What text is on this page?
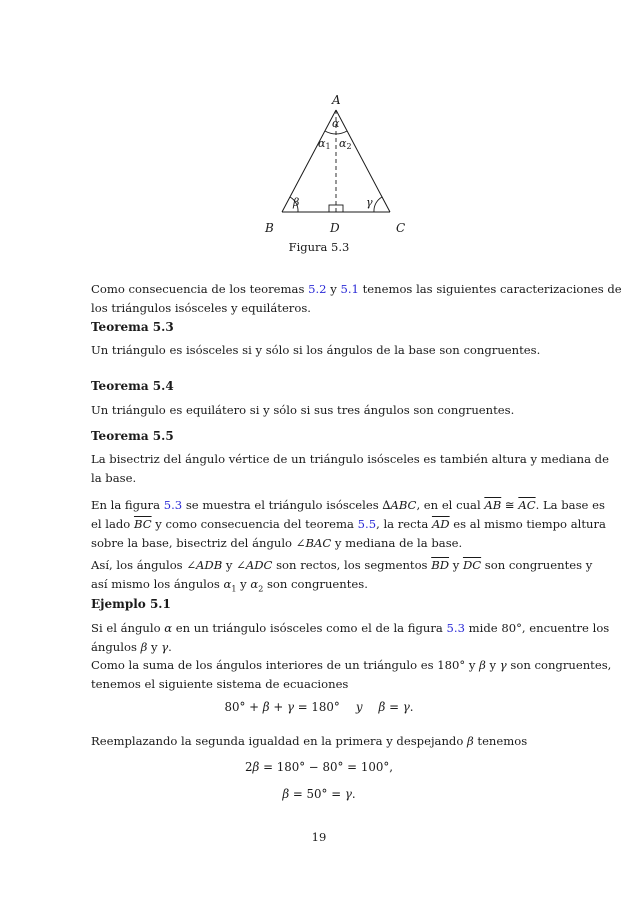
A
B	C
D
α
α1 α2
β	γ
Figura 5.3
Como consecuencia de los teoremas 5.2 y 5.1 tenemos las siguientes caracterizaciones de
los triángulos isósceles y equiláteros.
Teorema 5.3
Un triángulo es isósceles si y sólo si los ángulos de la base son congruentes.
Teorema 5.4
Un triángulo es equilátero si y sólo si sus tres ángulos son congruentes.
Teorema 5.5
La bisectriz del ángulo vértice de un triángulo isósceles es también altura y mediana de
la base.
En la figura 5.3 se muestra el triángulo isósceles ∆ABC, en el cual $\overline{AB}$ ≅ $\overline{AC}$. La base es
el lado $\overline{BC}$ y como consecuencia del teorema 5.5, la recta $\overline{AD}$ es al mismo tiempo altura
sobre la base, bisectriz del ángulo ∠BAC y mediana de la base.
Así, los ángulos ∠ADB y ∠ADC son rectos, los segmentos $\overline{BD}$ y $\overline{DC}$ son congruentes y
así mismo los ángulos $\alpha_1$ y $\alpha_2$ son congruentes.
Ejemplo 5.1
Si el ángulo α en un triángulo isósceles como el de la figura 5.3 mide 80°, encuentre los
ángulos β y γ.
Como la suma de los ángulos interiores de un triángulo es 180° y β y γ son congruentes,
tenemos el siguiente sistema de ecuaciones
80° + β + γ = 180° y β = γ.
Reemplazando la segunda igualdad en la primera y despejando β tenemos
2β = 180° − 80° = 100°,
β = 50° = γ.
19
